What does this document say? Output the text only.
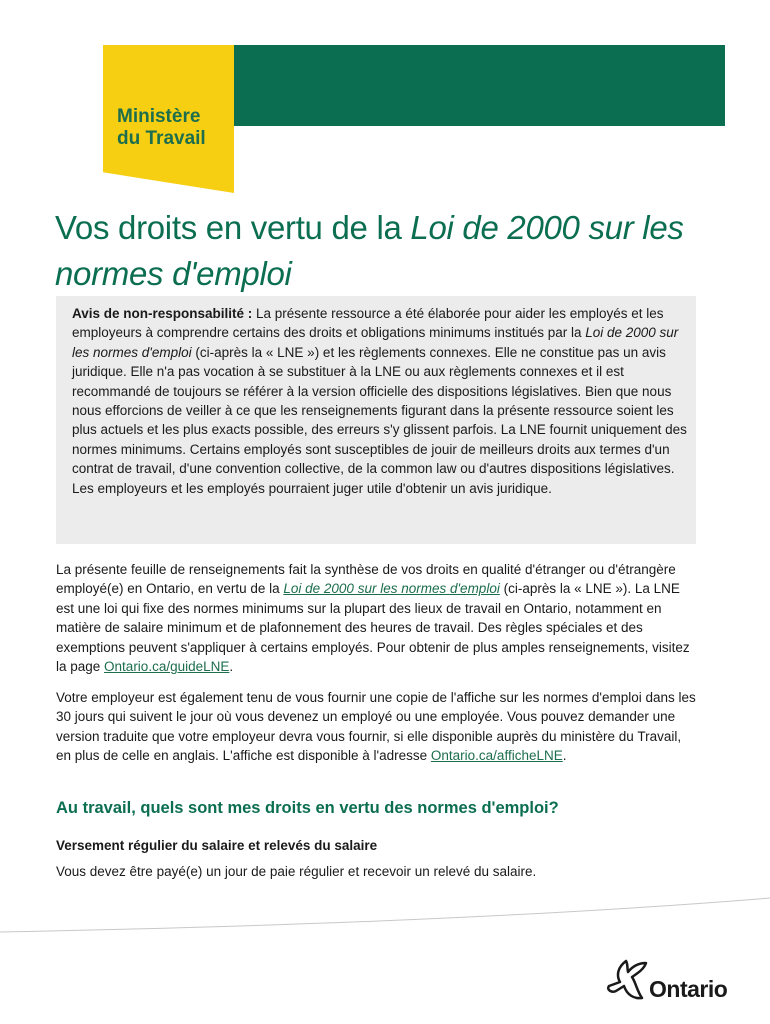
Ministère
du Travail
Vos droits en vertu de la Loi de 2000 sur les normes d'emploi
Avis de non-responsabilité : La présente ressource a été élaborée pour aider les employés et les employeurs à comprendre certains des droits et obligations minimums institués par la Loi de 2000 sur les normes d'emploi (ci-après la « LNE ») et les règlements connexes. Elle ne constitue pas un avis juridique. Elle n'a pas vocation à se substituer à la LNE ou aux règlements connexes et il est recommandé de toujours se référer à la version officielle des dispositions législatives. Bien que nous nous efforcions de veiller à ce que les renseignements figurant dans la présente ressource soient les plus actuels et les plus exacts possible, des erreurs s'y glissent parfois. La LNE fournit uniquement des normes minimums. Certains employés sont susceptibles de jouir de meilleurs droits aux termes d'un contrat de travail, d'une convention collective, de la common law ou d'autres dispositions législatives. Les employeurs et les employés pourraient juger utile d'obtenir un avis juridique.

La présente feuille de renseignements fait la synthèse de vos droits en qualité d'étranger ou d'étrangère employé(e) en Ontario, en vertu de la Loi de 2000 sur les normes d'emploi (ci-après la « LNE »). La LNE est une loi qui fixe des normes minimums sur la plupart des lieux de travail en Ontario, notamment en matière de salaire minimum et de plafonnement des heures de travail. Des règles spéciales et des exemptions peuvent s'appliquer à certains employés. Pour obtenir de plus amples renseignements, visitez la page Ontario.ca/guideLNE.

Votre employeur est également tenu de vous fournir une copie de l'affiche sur les normes d'emploi dans les 30 jours qui suivent le jour où vous devenez un employé ou une employée. Vous pouvez demander une version traduite que votre employeur devra vous fournir, si elle disponible auprès du ministère du Travail, en plus de celle en anglais. L'affiche est disponible à l'adresse Ontario.ca/afficheLNE.

Au travail, quels sont mes droits en vertu des normes d'emploi?
Versement régulier du salaire et relevés du salaire

Vous devez être payé(e) un jour de paie régulier et recevoir un relevé du salaire.

Ontario
